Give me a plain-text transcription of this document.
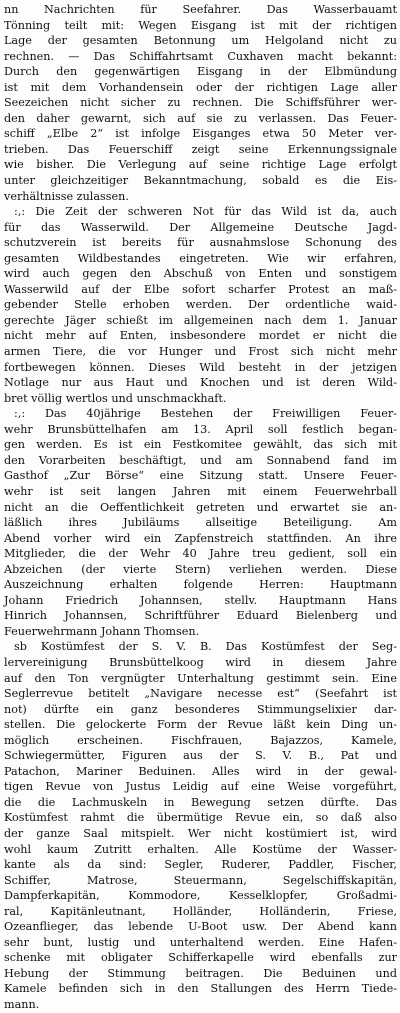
nn Nachrichten für Seefahrer. Das Wasserbauamt
Tönning teilt mit: Wegen Eisgang ist mit der richtigen
Lage der gesamten Betonnung um Helgoland nicht zu
rechnen. — Das Schiffahrtsamt Cuxhaven macht bekannt:
Durch den gegenwärtigen Eisgang in der Elbmündung
ist mit dem Vorhandensein oder der richtigen Lage aller
Seezeichen nicht sicher zu rechnen. Die Schiffsführer wer-
den daher gewarnt, sich auf sie zu verlassen. Das Feuer-
schiff „Elbe 2“ ist infolge Eisganges etwa 50 Meter ver-
trieben. Das Feuerschiff zeigt seine Erkennungssignale
wie bisher. Die Verlegung auf seine richtige Lage erfolgt
unter gleichzeitiger Bekanntmachung, sobald es die Eis-
verhältnisse zulassen.

:,: Die Zeit der schweren Not für das Wild ist da, auch
für das Wasserwild. Der Allgemeine Deutsche Jagd-
schutzverein ist bereits für ausnahmslose Schonung des
gesamten Wildbestandes eingetreten. Wie wir erfahren,
wird auch gegen den Abschuß von Enten und sonstigem
Wasserwild auf der Elbe sofort scharfer Protest an maß-
gebender Stelle erhoben werden. Der ordentliche waid-
gerechte Jäger schießt im allgemeinen nach dem 1. Januar
nicht mehr auf Enten, insbesondere mordet er nicht die
armen Tiere, die vor Hunger und Frost sich nicht mehr
fortbewegen können. Dieses Wild besteht in der jetzigen
Notlage nur aus Haut und Knochen und ist deren Wild-
bret völlig wertlos und unschmackhaft.

:,: Das 40jährige Bestehen der Freiwilligen Feuer-
wehr Brunsbüttelhafen am 13. April soll festlich began-
gen werden. Es ist ein Festkomitee gewählt, das sich mit
den Vorarbeiten beschäftigt, und am Sonnabend fand im
Gasthof „Zur Börse“ eine Sitzung statt. Unsere Feuer-
wehr ist seit langen Jahren mit einem Feuerwehrball
nicht an die Oeffentlichkeit getreten und erwartet sie an-
läßlich ihres Jubiläums allseitige Beteiligung. Am
Abend vorher wird ein Zapfenstreich stattfinden. An ihre
Mitglieder, die der Wehr 40 Jahre treu gedient, soll ein
Abzeichen (der vierte Stern) verliehen werden. Diese
Auszeichnung erhalten folgende Herren: Hauptmann
Johann Friedrich Johannsen, stellv. Hauptmann Hans
Hinrich Johannsen, Schriftführer Eduard Bielenberg und
Feuerwehrmann Johann Thomsen.

sb Kostümfest der S. V. B. Das Kostümfest der Seg-
lervereinigung Brunsbüttelkoog wird in diesem Jahre
auf den Ton vergnügter Unterhaltung gestimmt sein. Eine
Seglerrevue betitelt „Navigare necesse est“ (Seefahrt ist
not) dürfte ein ganz besonderes Stimmungselixier dar-
stellen. Die gelockerte Form der Revue läßt kein Ding un-
möglich erscheinen. Fischfrauen, Bajazzos, Kamele,
Schwiegermütter, Figuren aus der S. V. B., Pat und
Patachon, Mariner Beduinen. Alles wird in der gewal-
tigen Revue von Justus Leidig auf eine Weise vorgeführt,
die die Lachmuskeln in Bewegung setzen dürfte. Das
Kostümfest rahmt die übermütige Revue ein, so daß also
der ganze Saal mitspielt. Wer nicht kostümiert ist, wird
wohl kaum Zutritt erhalten. Alle Kostüme der Wasser-
kante als da sind: Segler, Ruderer, Paddler, Fischer,
Schiffer, Matrose, Steuermann, Segelschiffskapitän,
Dampferkapitän, Kommodore, Kesselklopfer, Großadmi-
ral, Kapitänleutnant, Holländer, Holländerin, Friese,
Ozeanflieger, das lebende U-Boot usw. Der Abend kann
sehr bunt, lustig und unterhaltend werden. Eine Hafen-
schenke mit obligater Schifferkapelle wird ebenfalls zur
Hebung der Stimmung beitragen. Die Beduinen und
Kamele befinden sich in den Stallungen des Herrn Tiede-
mann.
